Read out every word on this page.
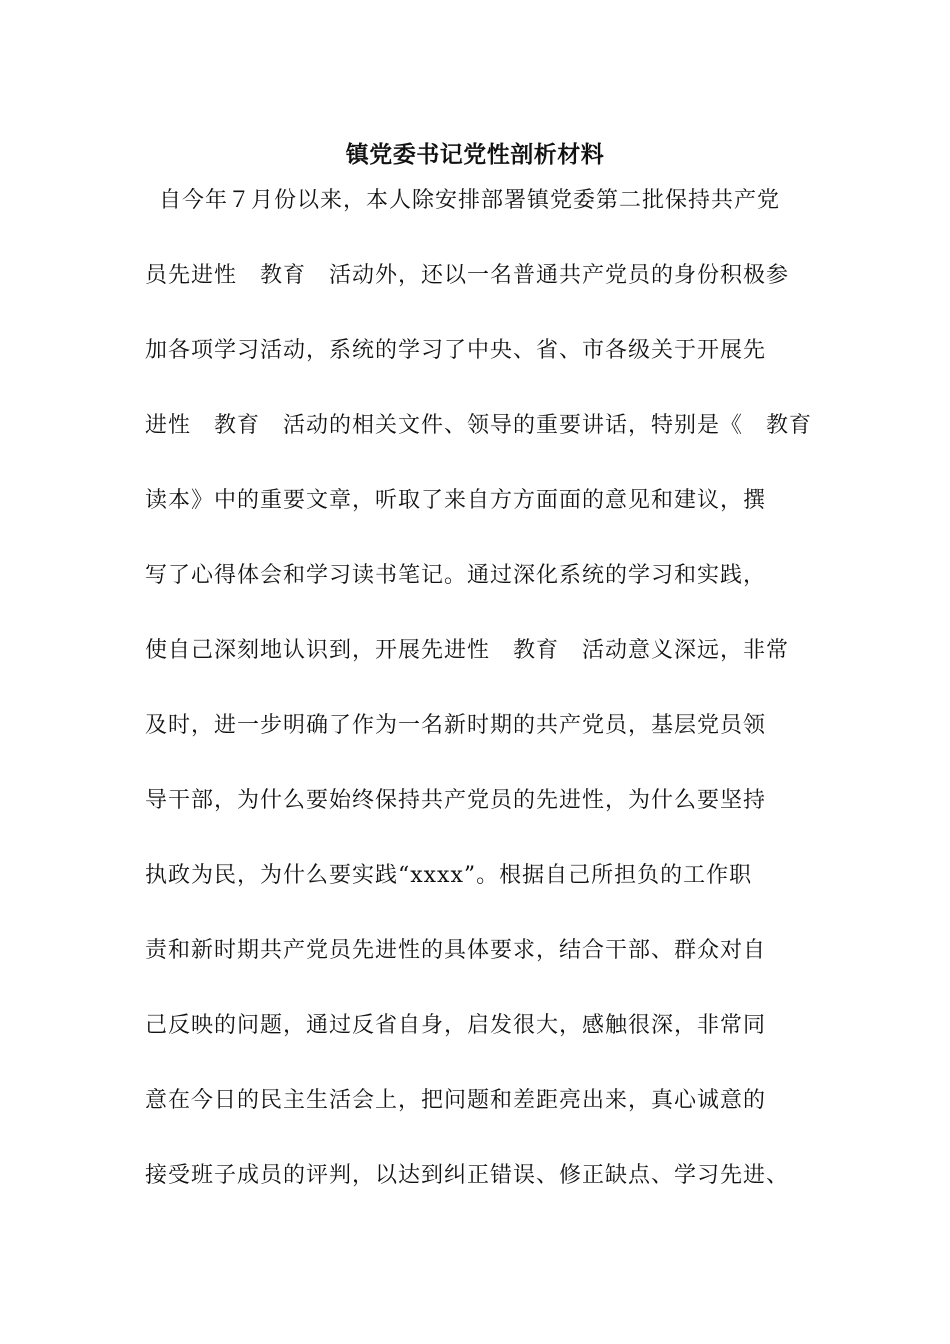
镇党委书记党性剖析材料
自今年７月份以来，本人除安排部署镇党委第二批保持共产党
员先进性　教育　活动外，还以一名普通共产党员的身份积极参
加各项学习活动，系统的学习了中央、省、市各级关于开展先
进性　教育　活动的相关文件、领导的重要讲话，特别是《　教育
读本》中的重要文章，听取了来自方方面面的意见和建议，撰
写了心得体会和学习读书笔记。通过深化系统的学习和实践，
使自己深刻地认识到，开展先进性　教育　活动意义深远，非常
及时，进一步明确了作为一名新时期的共产党员，基层党员领
导干部，为什么要始终保持共产党员的先进性，为什么要坚持
执政为民，为什么要实践“xxxx”。根据自己所担负的工作职
责和新时期共产党员先进性的具体要求，结合干部、群众对自
己反映的问题，通过反省自身，启发很大，感触很深，非常同
意在今日的民主生活会上，把问题和差距亮出来，真心诚意的
接受班子成员的评判，以达到纠正错误、修正缺点、学习先进、
